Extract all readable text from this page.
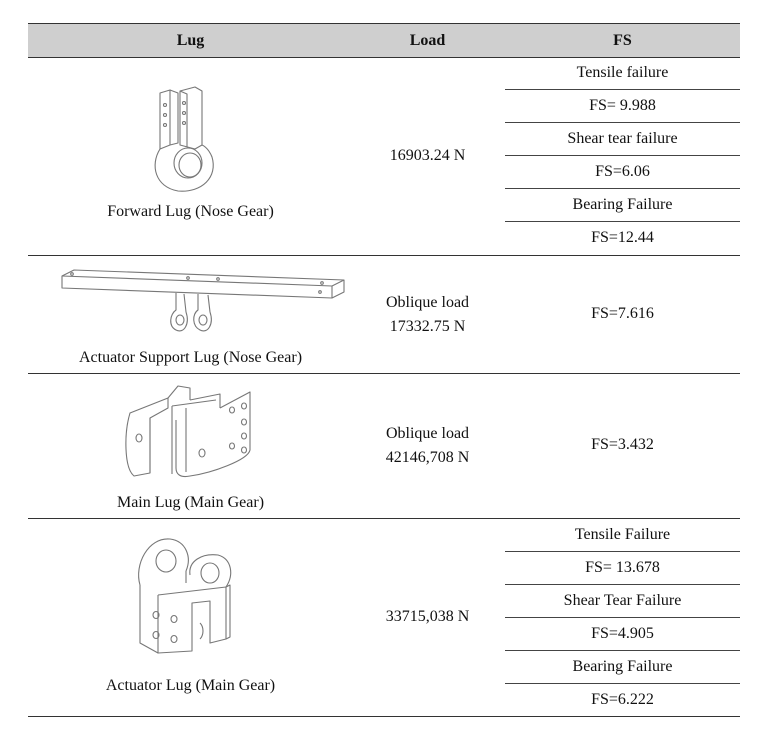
Lug	Load	FS
Forward Lug (Nose Gear)
16903.24 N
Tensile failure
FS= 9.988
Shear tear failure
FS=6.06
Bearing Failure
FS=12.44
Actuator Support Lug (Nose Gear)
Oblique load
17332.75 N
FS=7.616
Main Lug (Main Gear)
Oblique load
42146,708 N
FS=3.432
Actuator Lug (Main Gear)
33715,038 N
Tensile Failure
FS= 13.678
Shear Tear Failure
FS=4.905
Bearing Failure
FS=6.222
